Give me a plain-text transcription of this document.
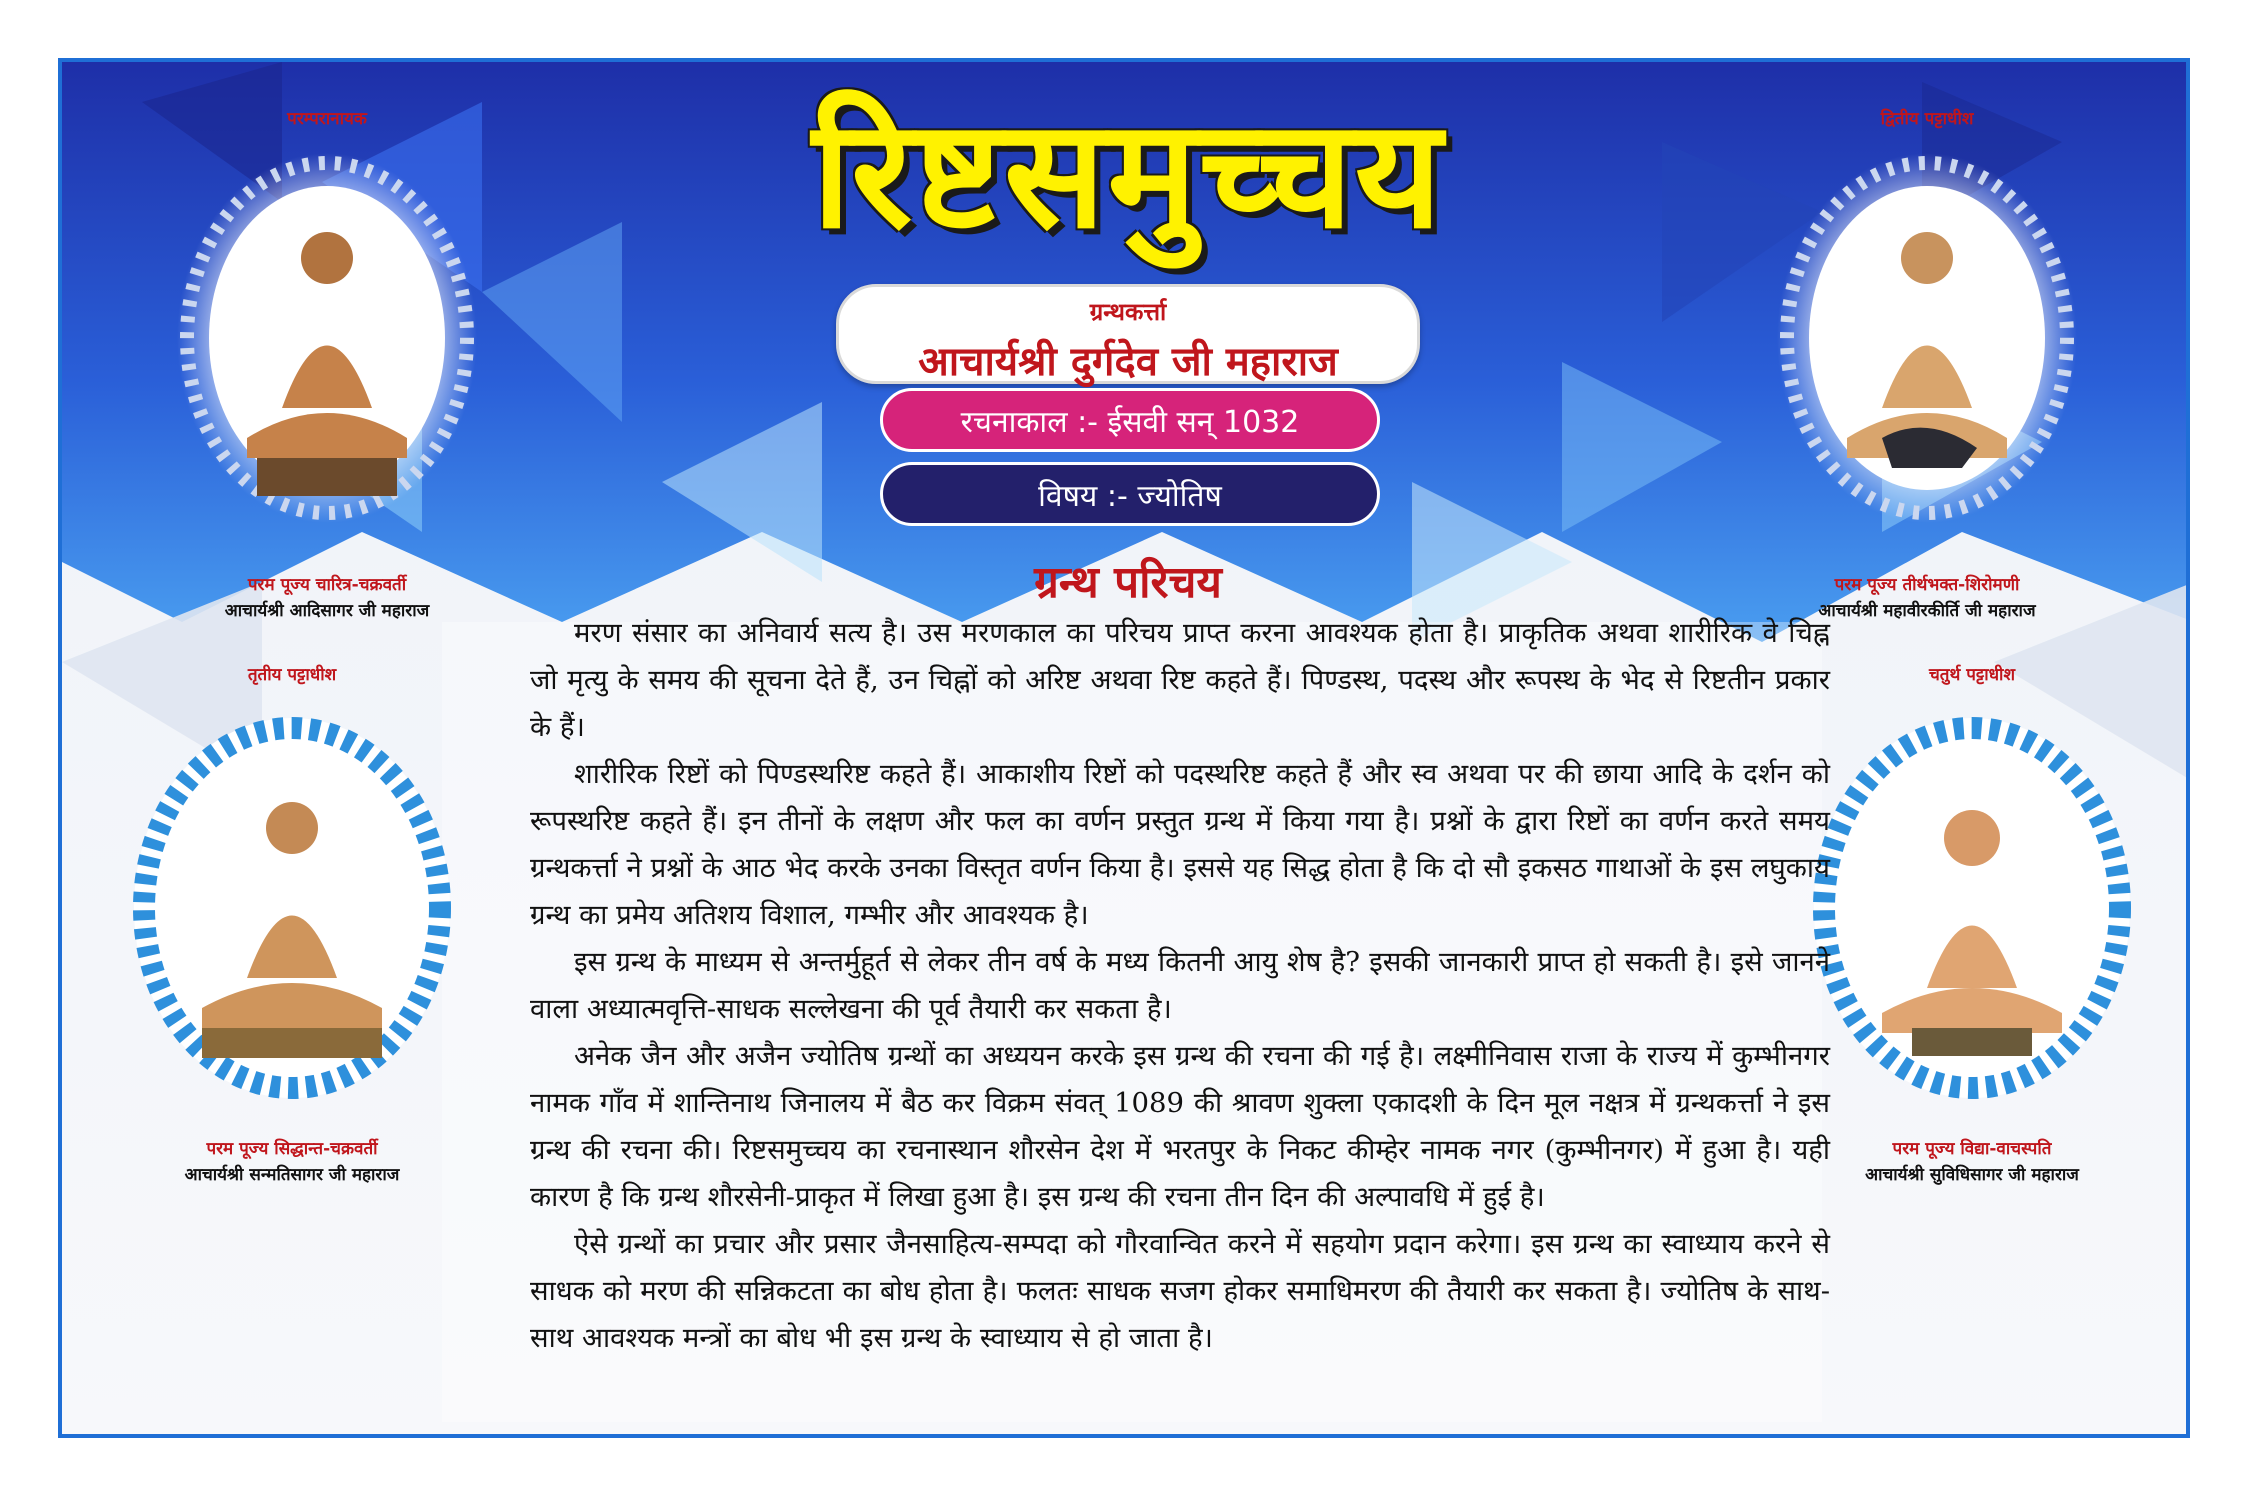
परम्परानायक
परम पूज्य चारित्र-चक्रवर्ती
आचार्यश्री आदिसागर जी महाराज
द्वितीय पट्टाधीश
परम पूज्य तीर्थभक्त-शिरोमणी
आचार्यश्री महावीरकीर्ति जी महाराज
तृतीय पट्टाधीश
परम पूज्य सिद्धान्त-चक्रवर्ती
आचार्यश्री सन्मतिसागर जी महाराज
चतुर्थ पट्टाधीश
परम पूज्य विद्या-वाचस्पति
आचार्यश्री सुविधिसागर जी महाराज
रिष्टसमुच्चय
ग्रन्थकर्त्ता
आचार्यश्री दुर्गदेव जी महाराज
रचनाकाल :- ईसवी सन् 1032
विषय :- ज्योतिष
ग्रन्थ परिचय

मरण संसार का अनिवार्य सत्य है। उस मरणकाल का परिचय प्राप्त करना आवश्यक होता है। प्राकृतिक अथवा शारीरिक वे चिह्न जो मृत्यु के समय की सूचना देते हैं, उन चिह्नों को अरिष्ट अथवा रिष्ट कहते हैं। पिण्डस्थ, पदस्थ और रूपस्थ के भेद से रिष्टतीन प्रकार के हैं।

शारीरिक रिष्टों को पिण्डस्थरिष्ट कहते हैं। आकाशीय रिष्टों को पदस्थरिष्ट कहते हैं और स्व अथवा पर की छाया आदि के दर्शन को रूपस्थरिष्ट कहते हैं। इन तीनों के लक्षण और फल का वर्णन प्रस्तुत ग्रन्थ में किया गया है। प्रश्नों के द्वारा रिष्टों का वर्णन करते समय ग्रन्थकर्त्ता ने प्रश्नों के आठ भेद करके उनका विस्तृत वर्णन किया है। इससे यह सिद्ध होता है कि दो सौ इकसठ गाथाओं के इस लघुकाय ग्रन्थ का प्रमेय अतिशय विशाल, गम्भीर और आवश्यक है।

इस ग्रन्थ के माध्यम से अन्तर्मुहूर्त से लेकर तीन वर्ष के मध्य कितनी आयु शेष है? इसकी जानकारी प्राप्त हो सकती है। इसे जानने वाला अध्यात्मवृत्ति-साधक सल्लेखना की पूर्व तैयारी कर सकता है।

अनेक जैन और अजैन ज्योतिष ग्रन्थों का अध्ययन करके इस ग्रन्थ की रचना की गई है। लक्ष्मीनिवास राजा के राज्य में कुम्भीनगर नामक गाँव में शान्तिनाथ जिनालय में बैठ कर विक्रम संवत् 1089 की श्रावण शुक्ला एकादशी के दिन मूल नक्षत्र में ग्रन्थकर्त्ता ने इस ग्रन्थ की रचना की। रिष्टसमुच्चय का रचनास्थान शौरसेन देश में भरतपुर के निकट कीम्हेर नामक नगर (कुम्भीनगर) में हुआ है। यही कारण है कि ग्रन्थ शौरसेनी-प्राकृत में लिखा हुआ है। इस ग्रन्थ की रचना तीन दिन की अल्पावधि में हुई है।

ऐसे ग्रन्थों का प्रचार और प्रसार जैनसाहित्य-सम्पदा को गौरवान्वित करने में सहयोग प्रदान करेगा। इस ग्रन्थ का स्वाध्याय करने से साधक को मरण की सन्निकटता का बोध होता है। फलतः साधक सजग होकर समाधिमरण की तैयारी कर सकता है। ज्योतिष के साथ-साथ आवश्यक मन्त्रों का बोध भी इस ग्रन्थ के स्वाध्याय से हो जाता है।
